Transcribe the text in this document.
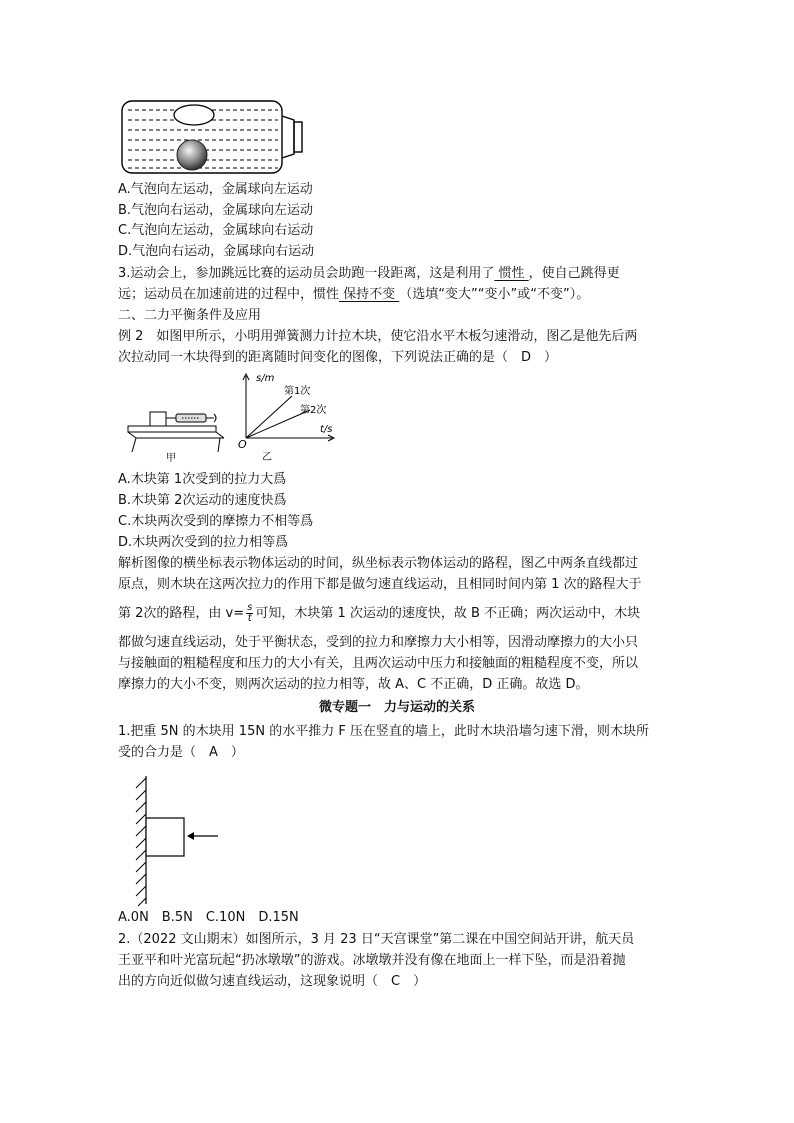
A.气泡向左运动，金属球向左运动
B.气泡向右运动，金属球向左运动
C.气泡向左运动，金属球向右运动
D.气泡向右运动，金属球向右运动
3.运动会上，参加跳远比赛的运动员会助跑一段距离，这是利用了 惯性 ，使自己跳得更
远；运动员在加速前进的过程中，惯性 保持不变 （选填“变大”“变小”或“不变”）。
二、二力平衡条件及应用
例 2　如图甲所示，小明用弹簧测力计拉木块，使它沿水平木板匀速滑动，图乙是他先后两
次拉动同一木块得到的距离随时间变化的图像，下列说法正确的是（　D　）
甲
s/m
t/s
O
第1次
第2次
乙
A.木块第 1次受到的拉力大爲
B.木块第 2次运动的速度快爲
C.木块两次受到的摩擦力不相等爲
D.木块两次受到的拉力相等爲
解析图像的横坐标表示物体运动的时间，纵坐标表示物体运动的路程，图乙中两条直线都过
原点，则木块在这两次拉力的作用下都是做匀速直线运动，且相同时间内第 1 次的路程大于
第 2次的路程，由 $v= \frac{s}{t}$ 可知，木块第 1 次运动的速度快，故 B 不正确；两次运动中，木块
都做匀速直线运动，处于平衡状态，受到的拉力和摩擦力大小相等，因滑动摩擦力的大小只
与接触面的粗糙程度和压力的大小有关，且两次运动中压力和接触面的粗糙程度不变，所以
摩擦力的大小不变，则两次运动的拉力相等，故 A、C 不正确，D 正确。故选 D。
微专题一　力与运动的关系
1.把重 5N 的木块用 15N 的水平推力 F 压在竖直的墙上，此时木块沿墙匀速下滑，则木块所
受的合力是（　A　）
A.0N　B.5N　C.10N　D.15N
2.（2022 文山期末）如图所示，3 月 23 日“天宫课堂”第二课在中国空间站开讲，航天员
王亚平和叶光富玩起“扔冰墩墩”的游戏。冰墩墩并没有像在地面上一样下坠，而是沿着抛
出的方向近似做匀速直线运动，这现象说明（　C　）
